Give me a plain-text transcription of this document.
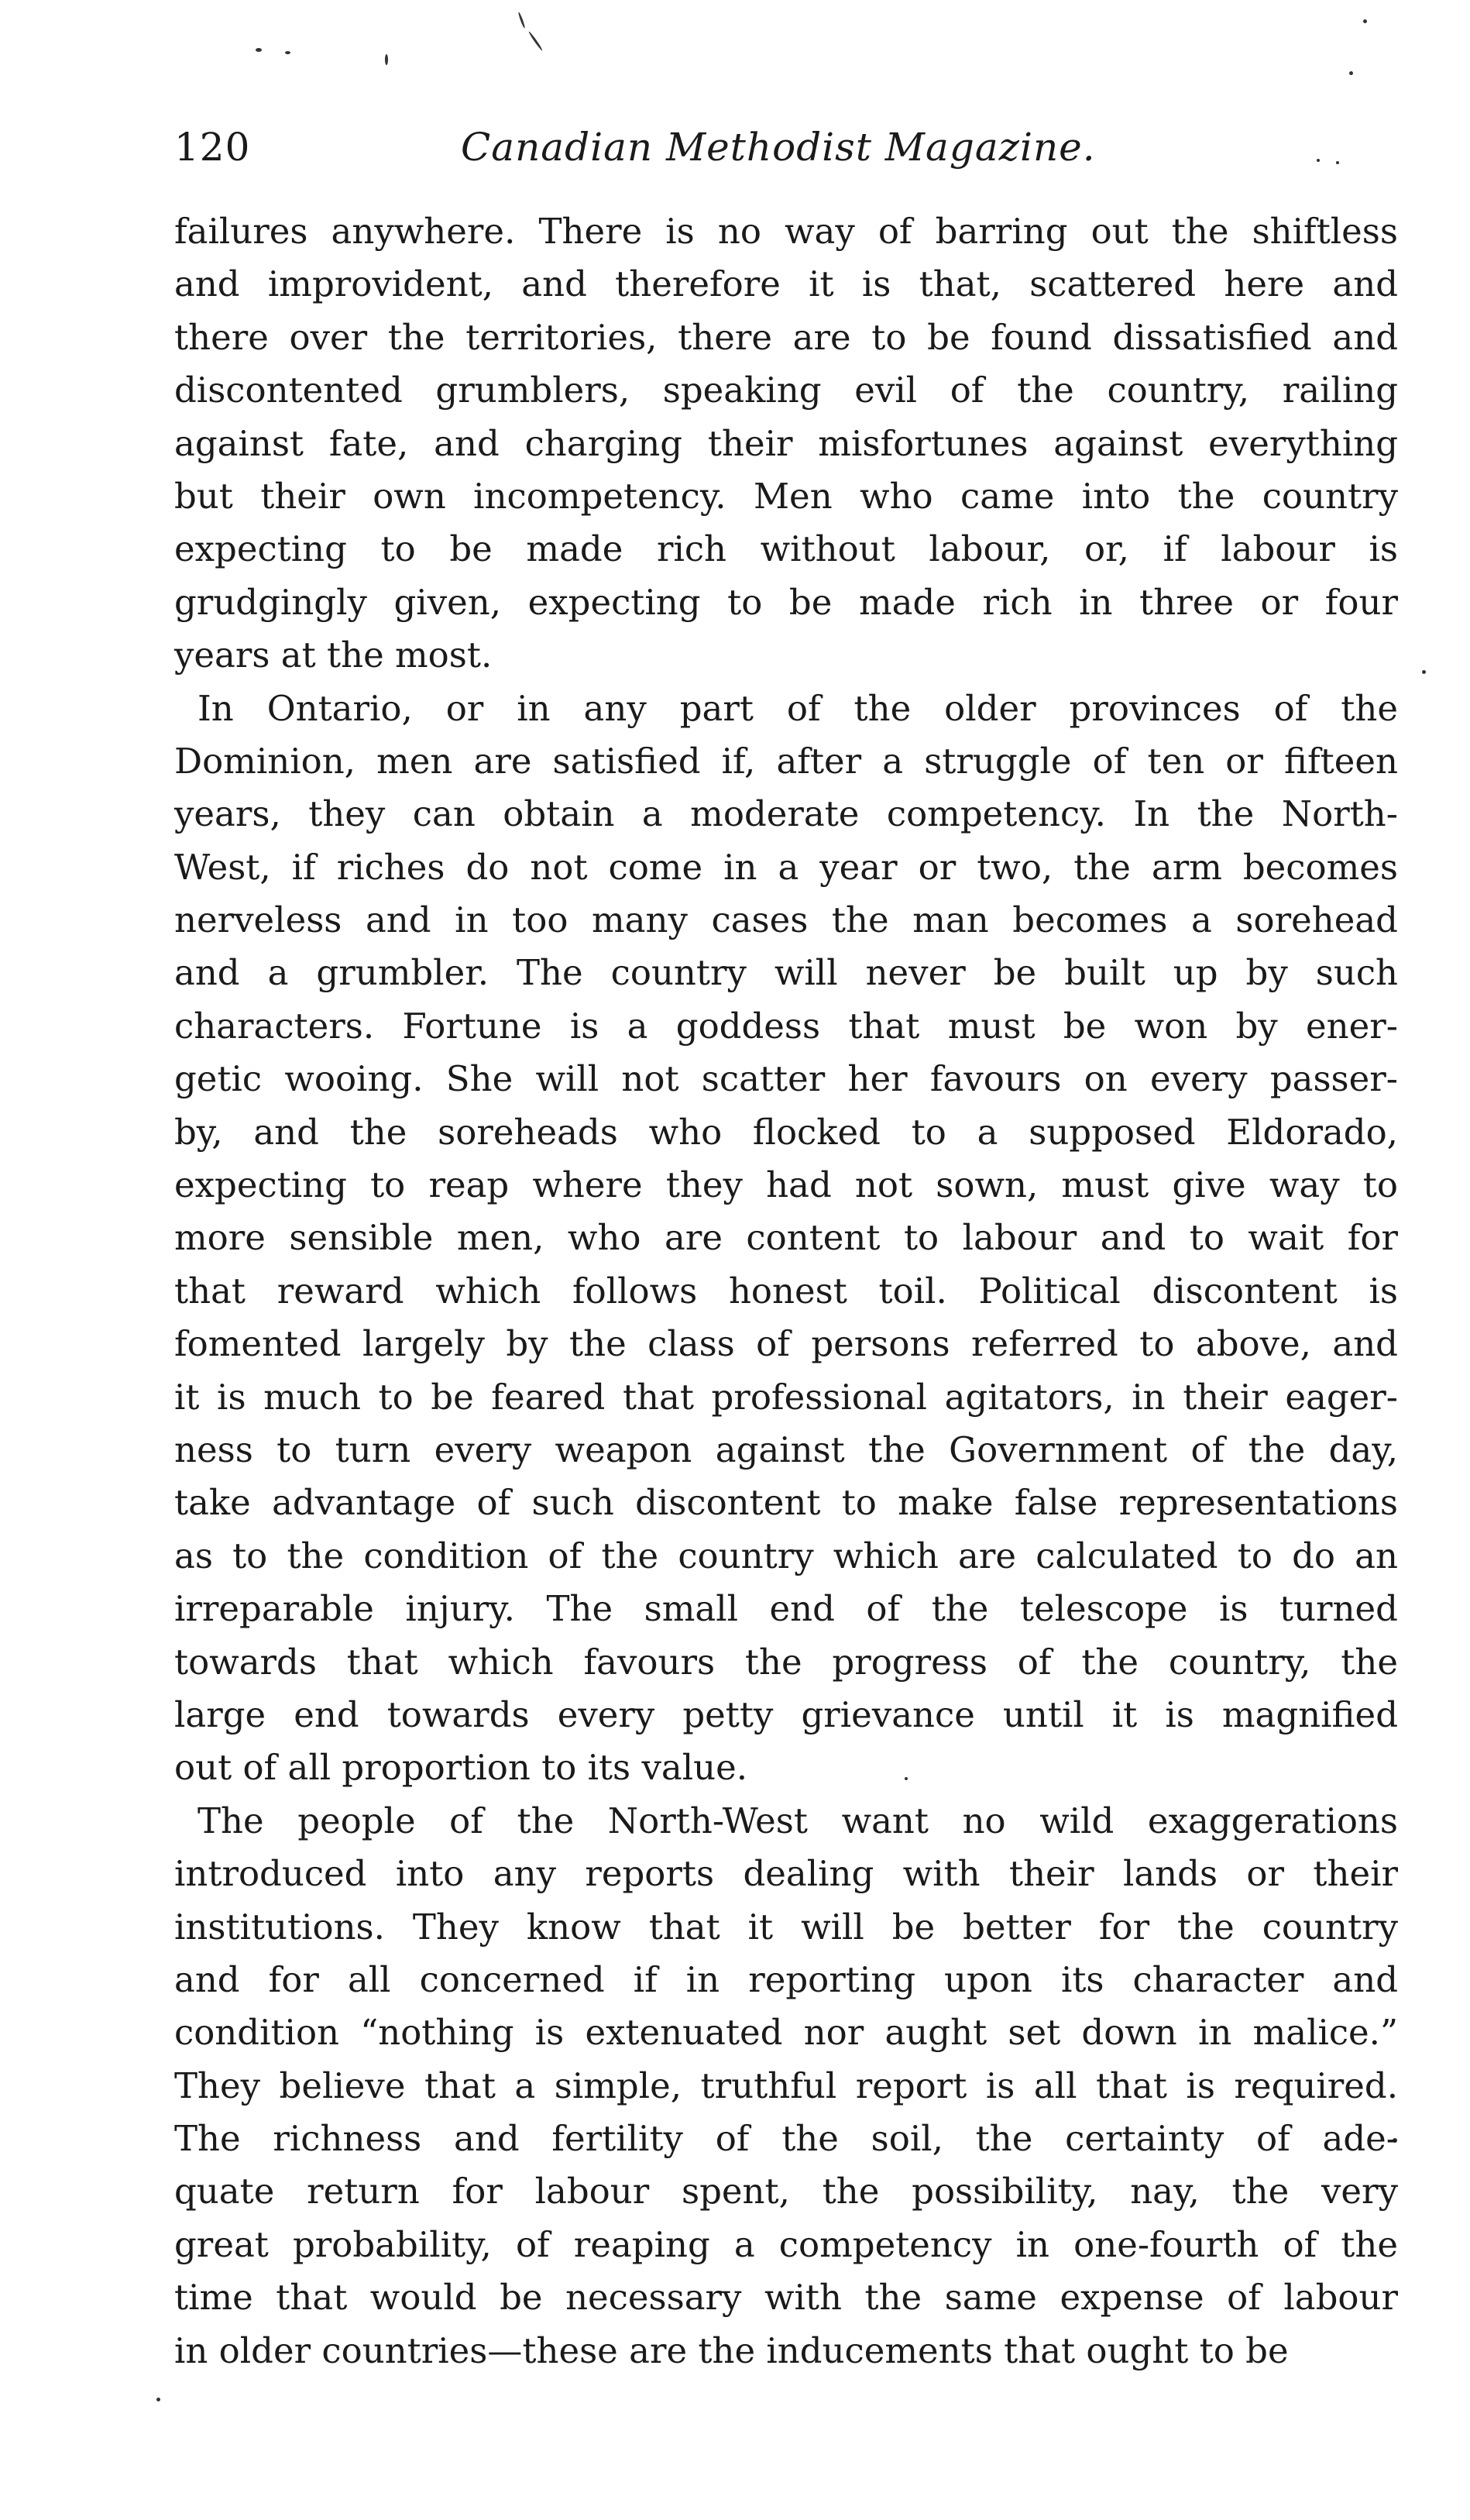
120	Canadian Methodist Magazine.
failures anywhere. There is no way of barring out the shiftless
and improvident, and therefore it is that, scattered here and
there over the territories, there are to be found dissatisfied and
discontented grumblers, speaking evil of the country, railing
against fate, and charging their misfortunes against everything
but their own incompetency. Men who came into the country
expecting to be made rich without labour, or, if labour is
grudgingly given, expecting to be made rich in three or four
years at the most.
In Ontario, or in any part of the older provinces of the
Dominion, men are satisfied if, after a struggle of ten or fifteen
years, they can obtain a moderate competency. In the North-
West, if riches do not come in a year or two, the arm becomes
nerveless and in too many cases the man becomes a sorehead
and a grumbler. The country will never be built up by such
characters. Fortune is a goddess that must be won by ener-
getic wooing. She will not scatter her favours on every passer-
by, and the soreheads who flocked to a supposed Eldorado,
expecting to reap where they had not sown, must give way to
more sensible men, who are content to labour and to wait for
that reward which follows honest toil. Political discontent is
fomented largely by the class of persons referred to above, and
it is much to be feared that professional agitators, in their eager-
ness to turn every weapon against the Government of the day,
take advantage of such discontent to make false representations
as to the condition of the country which are calculated to do an
irreparable injury. The small end of the telescope is turned
towards that which favours the progress of the country, the
large end towards every petty grievance until it is magnified
out of all proportion to its value.
The people of the North-West want no wild exaggerations
introduced into any reports dealing with their lands or their
institutions. They know that it will be better for the country
and for all concerned if in reporting upon its character and
condition “nothing is extenuated nor aught set down in malice.”
They believe that a simple, truthful report is all that is required.
The richness and fertility of the soil, the certainty of ade-
quate return for labour spent, the possibility, nay, the very
great probability, of reaping a competency in one-fourth of the
time that would be necessary with the same expense of labour
in older countries—these are the inducements that ought to be
